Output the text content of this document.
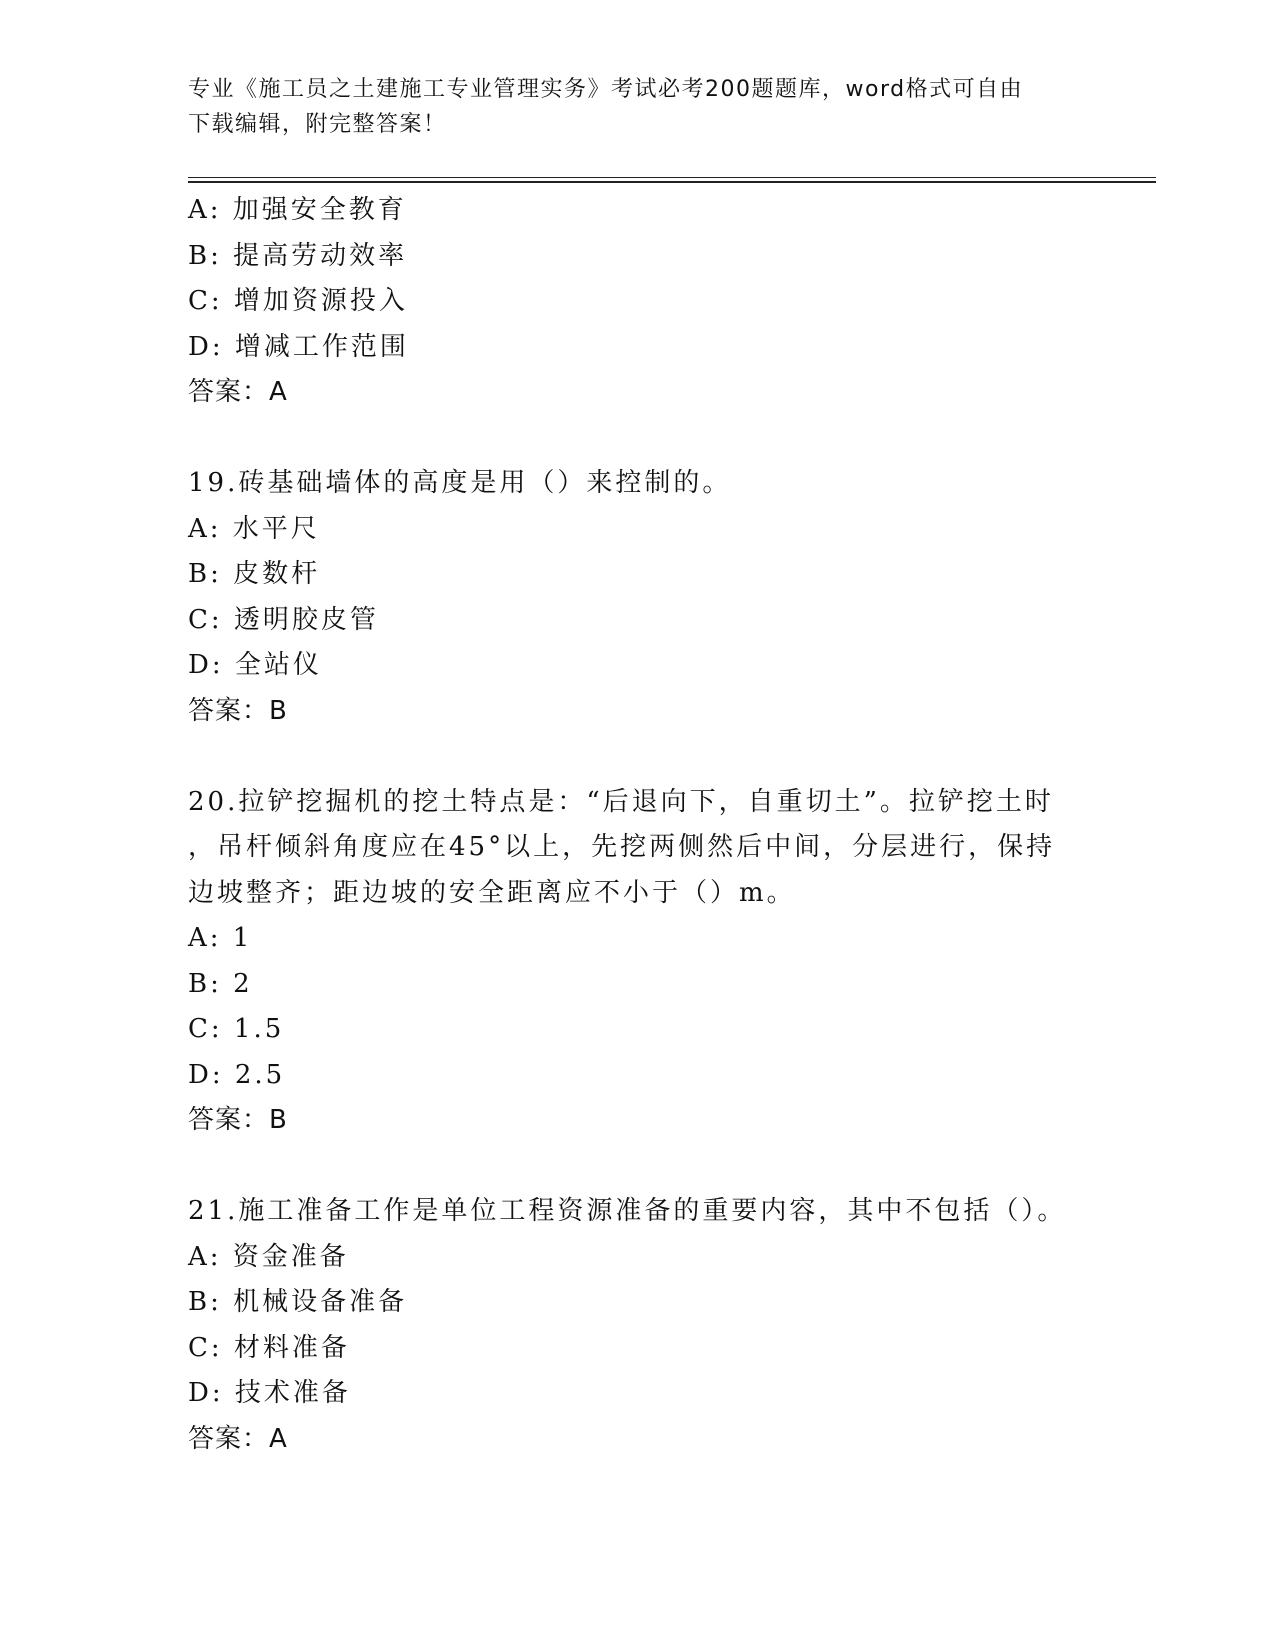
专业《施工员之土建施工专业管理实务》考试必考200题题库，word格式可自由
下载编辑，附完整答案！
A: 加强安全教育
B: 提高劳动效率
C: 增加资源投入
D: 增减工作范围
答案：A
19.砖基础墙体的高度是用（）来控制的。
A: 水平尺
B: 皮数杆
C: 透明胶皮管
D: 全站仪
答案：B
20.拉铲挖掘机的挖土特点是：“后退向下，自重切土”。拉铲挖土时
，吊杆倾斜角度应在45°以上，先挖两侧然后中间，分层进行，保持
边坡整齐；距边坡的安全距离应不小于（）m。
A: 1
B: 2
C: 1.5
D: 2.5
答案：B
21.施工准备工作是单位工程资源准备的重要内容，其中不包括（）。
A: 资金准备
B: 机械设备准备
C: 材料准备
D: 技术准备
答案：A
